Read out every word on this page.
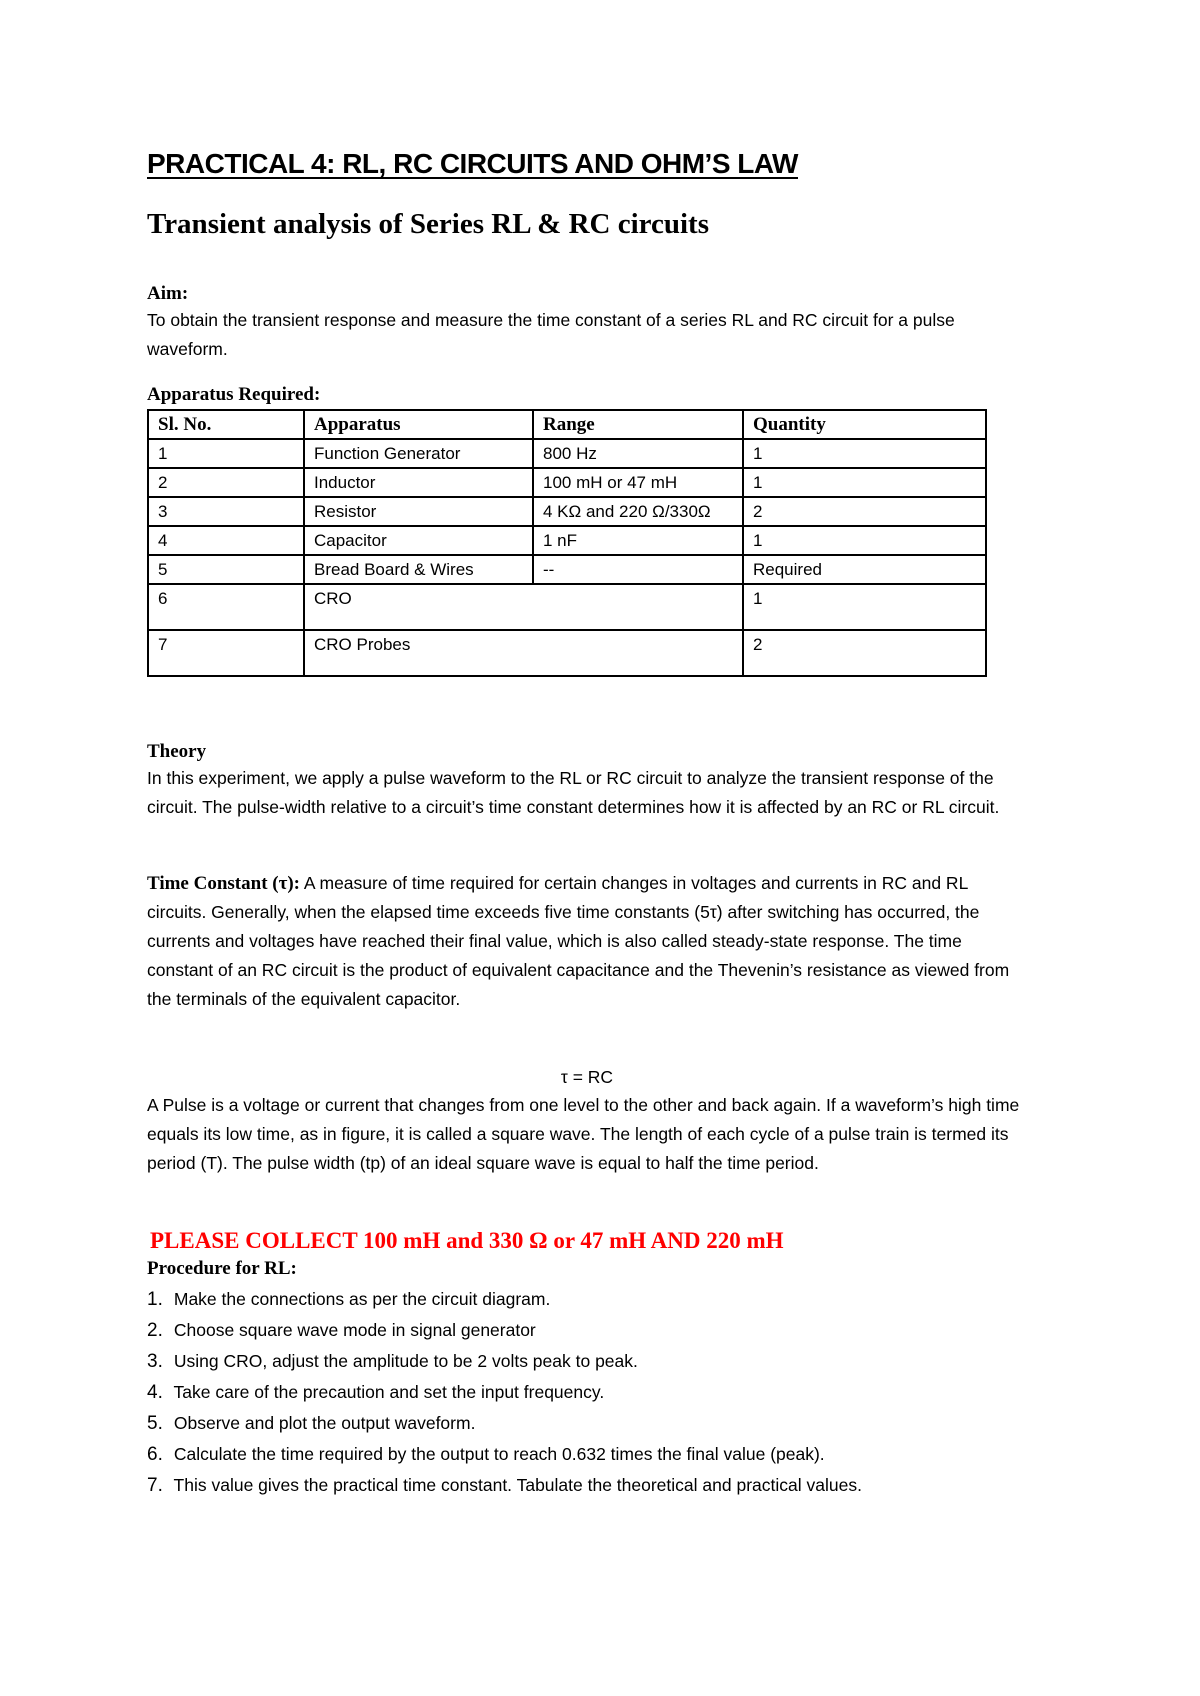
PRACTICAL 4: RL, RC CIRCUITS AND OHM’S LAW
Transient analysis of Series RL & RC circuits
Aim:
To obtain the transient response and measure the time constant of a series RL and RC circuit for a pulse waveform.
Apparatus Required:
Sl. No.	Apparatus	Range	Quantity
1	Function Generator	800 Hz	1
2	Inductor	100 mH or 47 mH	1
3	Resistor	4 KΩ and 220 Ω/330Ω	2
4	Capacitor	1 nF	1
5	Bread Board & Wires	--	Required
6	CRO		1
7	CRO Probes		2
Theory
In this experiment, we apply a pulse waveform to the RL or RC circuit to analyze the transient response of the circuit. The pulse-width relative to a circuit’s time constant determines how it is affected by an RC or RL circuit.
Time Constant (τ): A measure of time required for certain changes in voltages and currents in RC and RL circuits. Generally, when the elapsed time exceeds five time constants (5τ) after switching has occurred, the currents and voltages have reached their final value, which is also called steady-state response. The time constant of an RC circuit is the product of equivalent capacitance and the Thevenin’s resistance as viewed from the terminals of the equivalent capacitor.
τ = RC
A Pulse is a voltage or current that changes from one level to the other and back again. If a waveform’s high time equals its low time, as in figure, it is called a square wave. The length of each cycle of a pulse train is termed its period (T). The pulse width (tp) of an ideal square wave is equal to half the time period.

PLEASE COLLECT 100 mH and 330 Ω or 47 mH AND 220 mH

Procedure for RL:
1. Make the connections as per the circuit diagram.
2. Choose square wave mode in signal generator
3. Using CRO, adjust the amplitude to be 2 volts peak to peak.
4. Take care of the precaution and set the input frequency.
5. Observe and plot the output waveform.
6. Calculate the time required by the output to reach 0.632 times the final value (peak).
7. This value gives the practical time constant. Tabulate the theoretical and practical values.
